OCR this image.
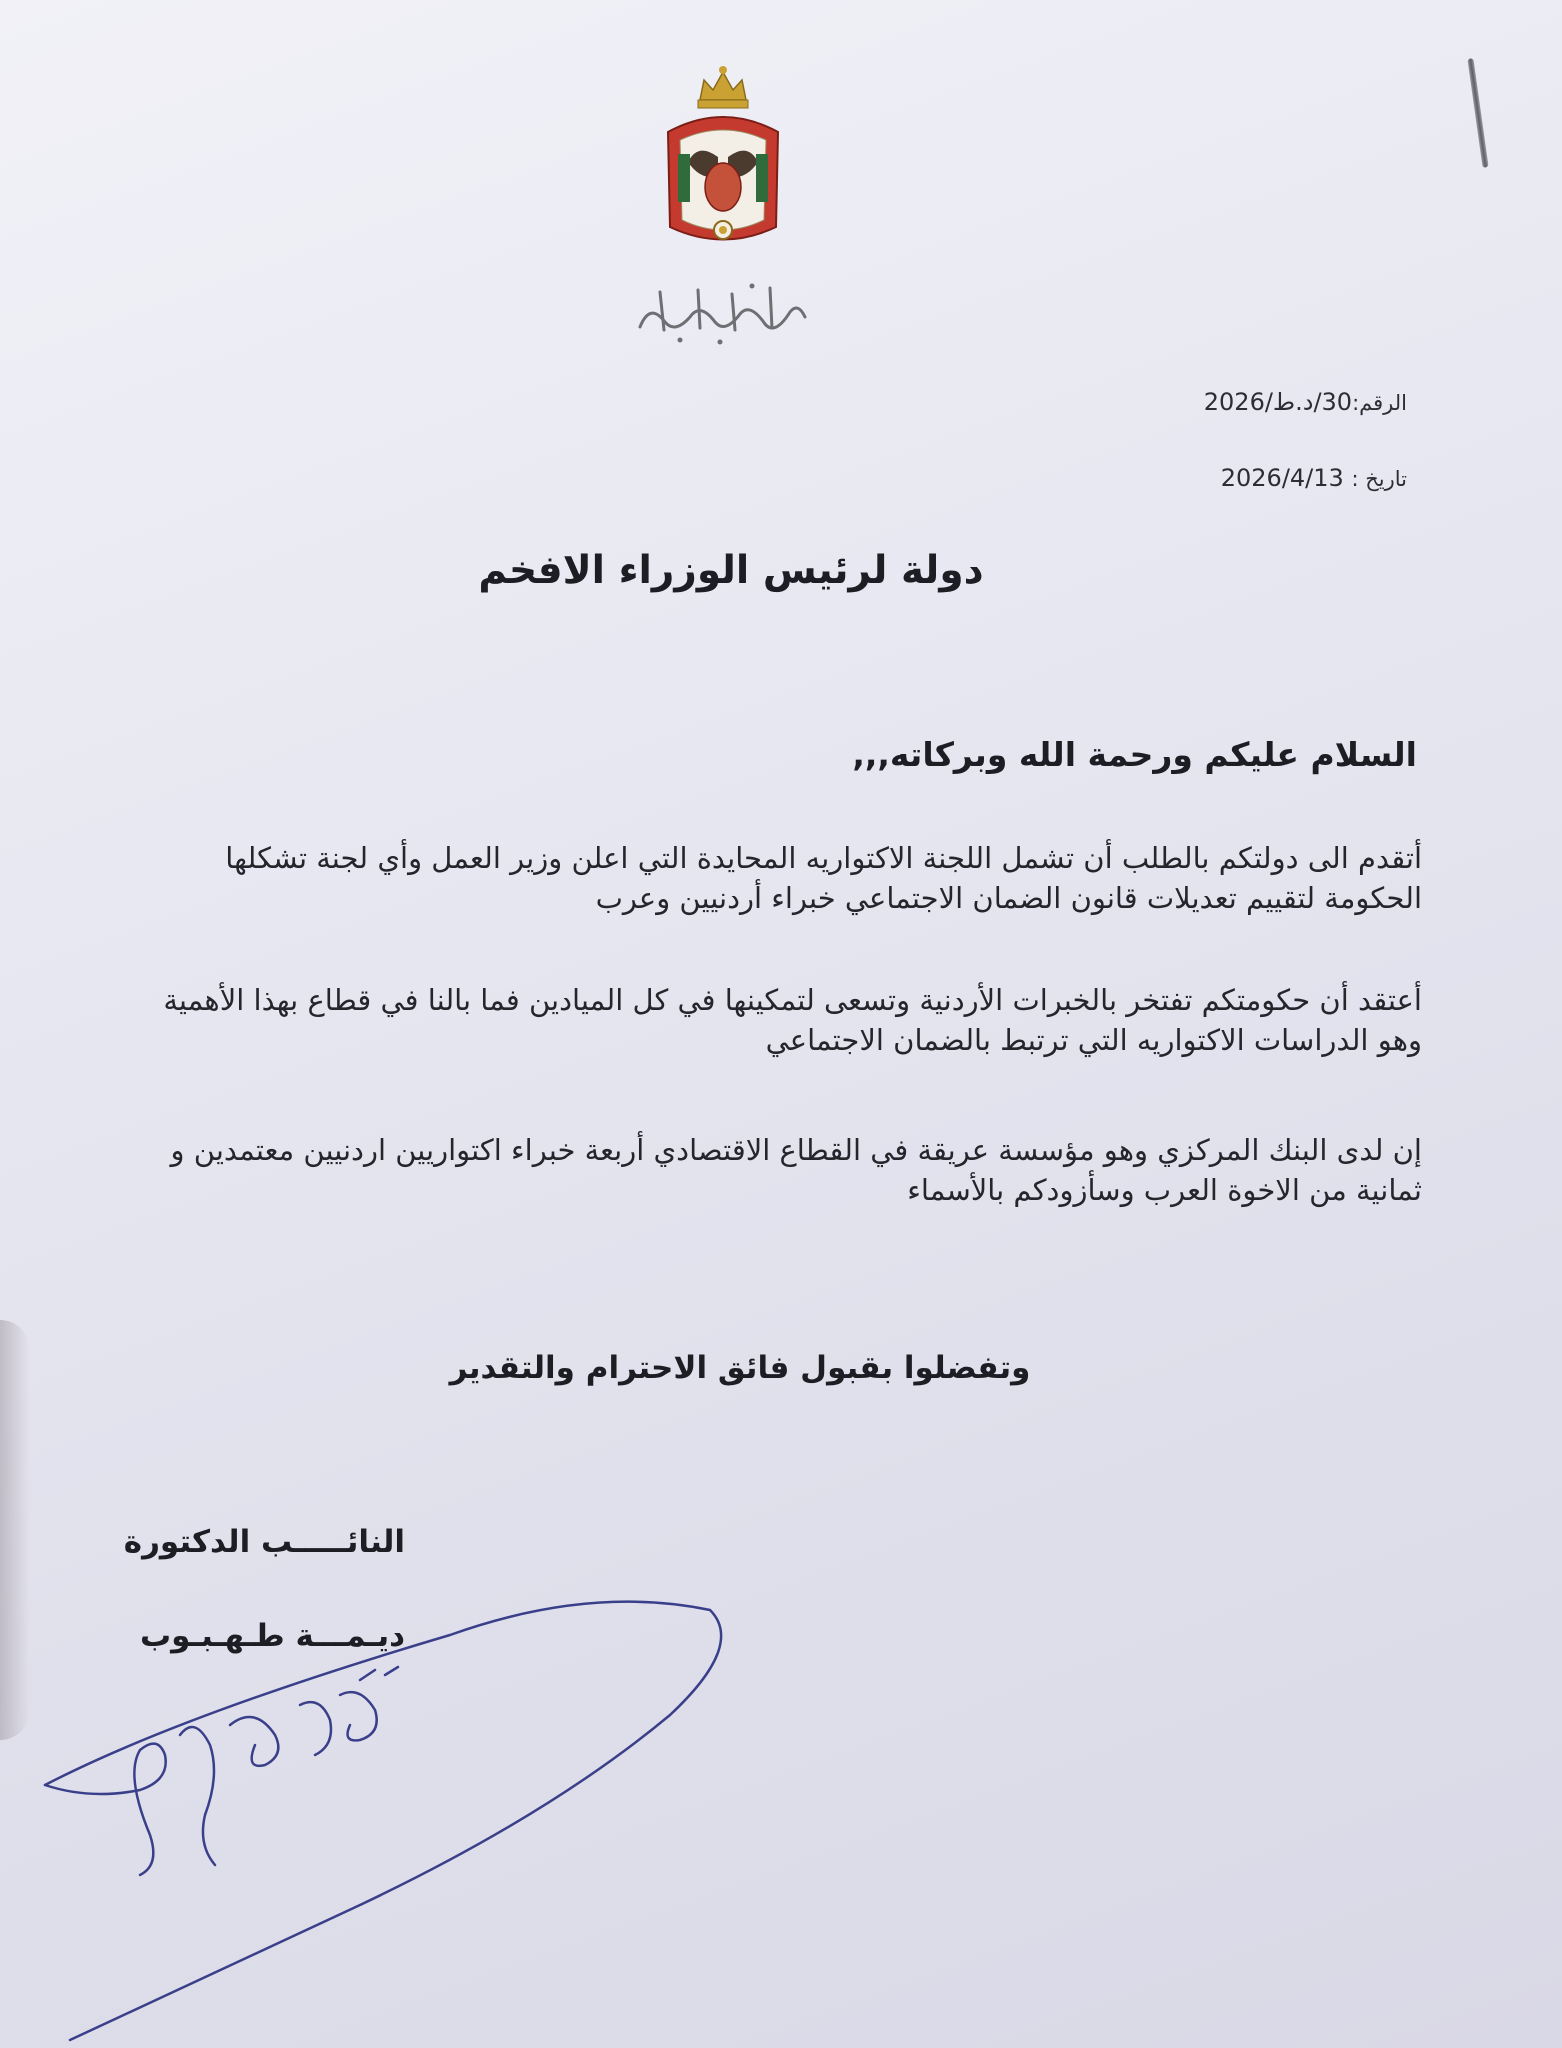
الرقم:30/د.ط/2026
تاريخ : 2026/4/13
دولة لرئيس الوزراء الافخم
السلام عليكم ورحمة الله وبركاته,,,
أتقدم الى دولتكم بالطلب أن تشمل اللجنة الاكتواريه المحايدة التي اعلن وزير العمل وأي لجنة تشكلها الحكومة لتقييم تعديلات قانون الضمان الاجتماعي خبراء أردنيين وعرب
أعتقد أن حكومتكم تفتخر بالخبرات الأردنية وتسعى لتمكينها في كل الميادين فما بالنا في قطاع بهذا الأهمية وهو الدراسات الاكتواريه التي ترتبط بالضمان الاجتماعي
إن لدى البنك المركزي وهو مؤسسة عريقة في القطاع الاقتصادي أربعة خبراء اكتواريين اردنيين معتمدين و ثمانية من الاخوة العرب وسأزودكم بالأسماء
وتفضلوا بقبول فائق الاحترام والتقدير
النائـــــب الدكتورة
ديـمـــة طـهـبـوب
